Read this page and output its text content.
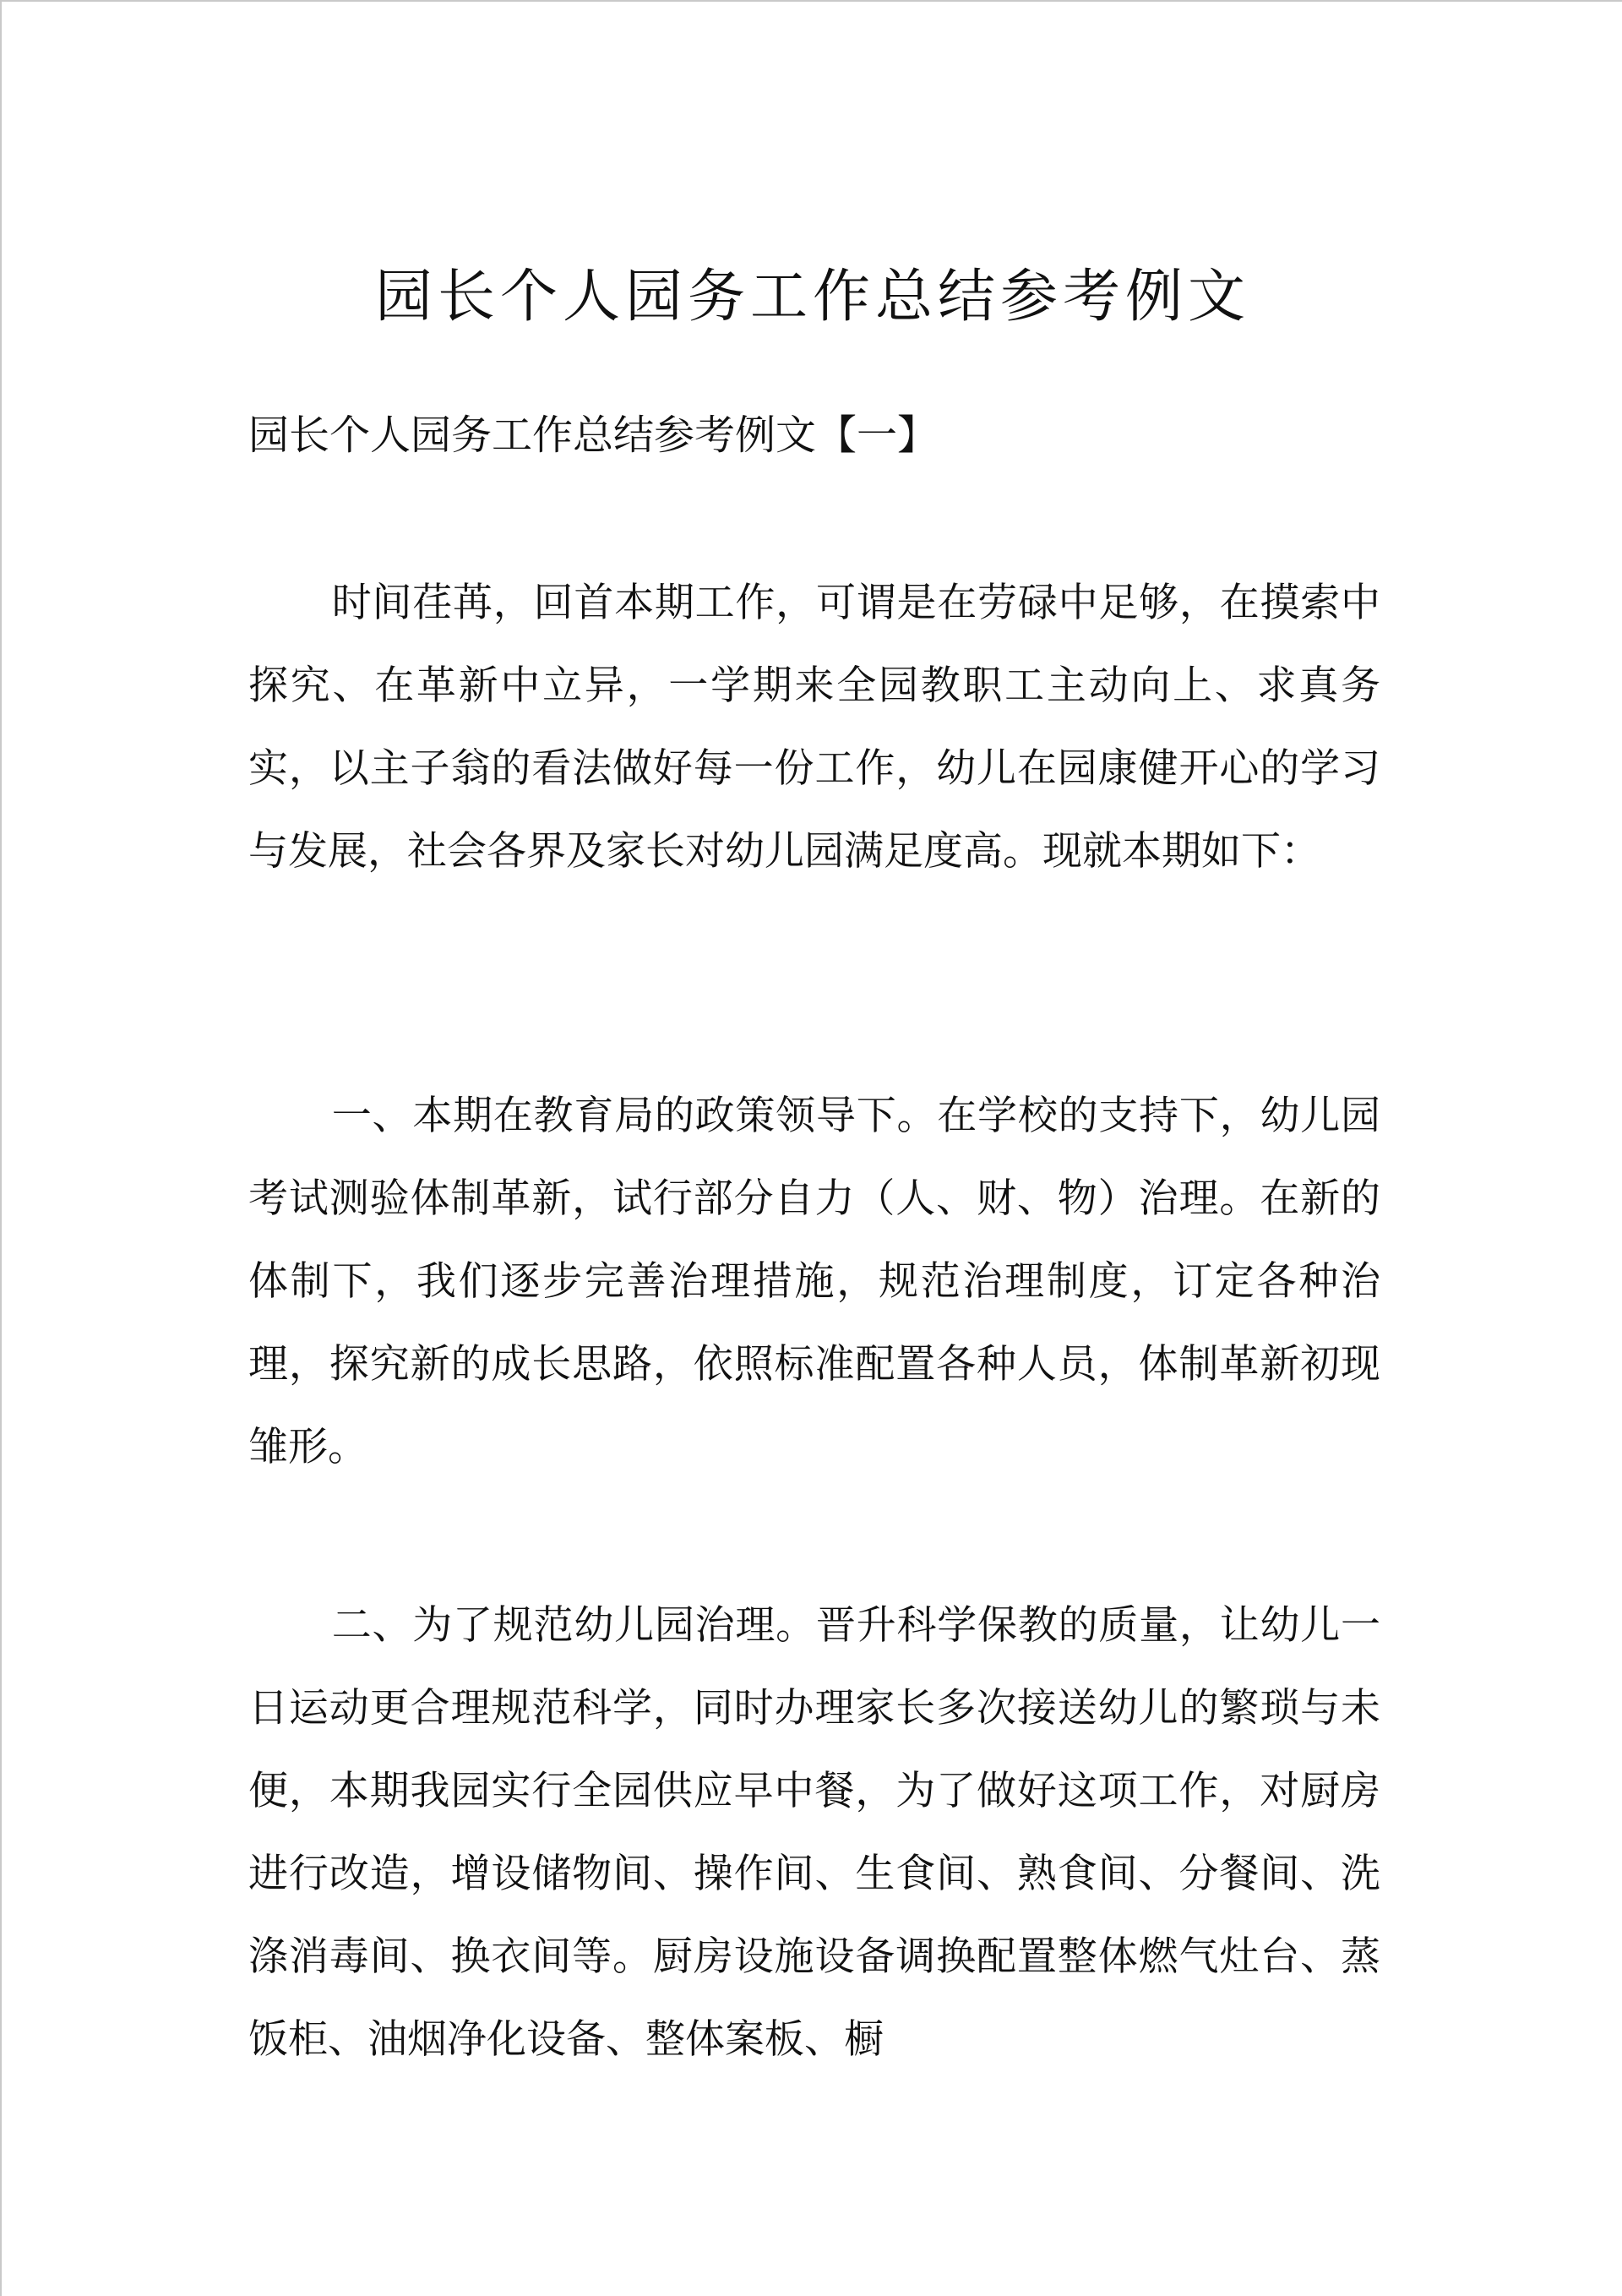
园长个人园务工作总结参考例文

园长个人园务工作总结参考例文【一】

时间荏苒，回首本期工作，可谓是在劳碌中足够，在摸索中探究、在革新中立异，一学期来全园教职工主动向上、求真务实，以主子翁的看法做好每一份工作，幼儿在园康健开心的学习与发展，社会各界及家长对幼儿园满足度高。现就本期如下：

一、本期在教育局的政策领导下。在学校的支持下，幼儿园考试测验体制革新，试行部分自力（人、财、物）治理。在新的体制下，我们逐步完善治理措施，规范治理制度，订定各种治理，探究新的成长思路，依照标准配置各种人员，体制革新初现雏形。

二、为了规范幼儿园治理。晋升科学保教的质量，让幼儿一日运动更合理规范科学，同时办理家长多次接送幼儿的繁琐与未便，本期我园实行全园供应早中餐，为了做好这项工作，对厨房进行改造，增设储物间、操作间、生食间、熟食间、分餐间、洗涤消毒间、换衣间等。厨房设施设备调换配置整体燃气灶台、蒸饭柜、油烟净化设备、整体案板、橱
